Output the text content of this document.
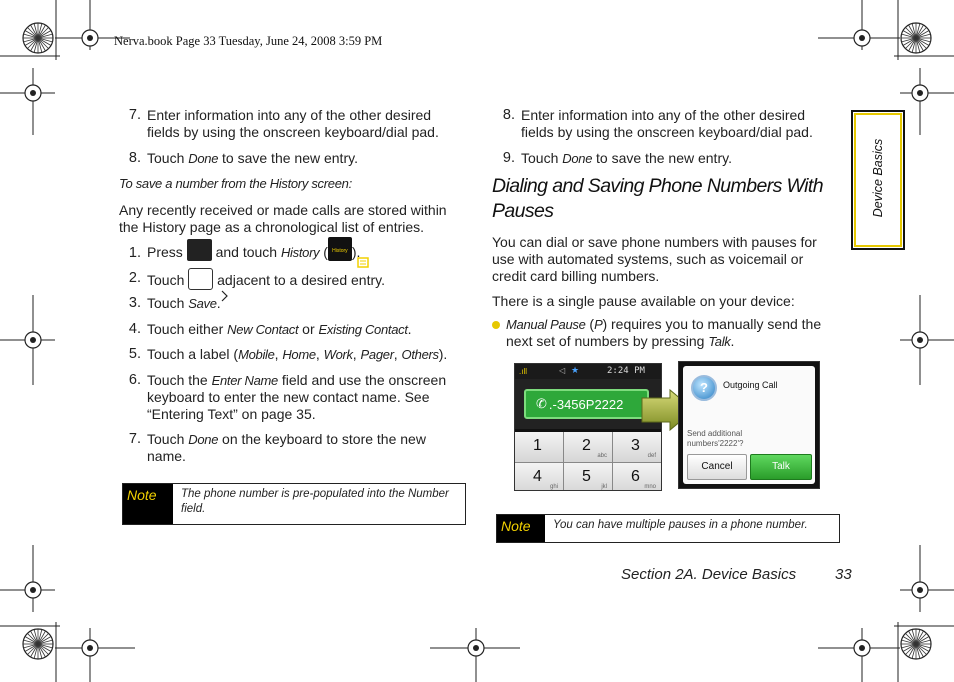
Nerva.book Page 33 Tuesday, June 24, 2008 3:59 PM
7. Enter information into any of the other desired fields by using the onscreen keyboard/dial pad.
8. Touch Done to save the new entry.
To save a number from the History screen:
Any recently received or made calls are stored within the History page as a chronological list of entries.
1. Press

and touch History (

History

).
2. Touch

adjacent to a desired entry.
3. Touch Save.
4. Touch either New Contact or Existing Contact.
5. Touch a label (Mobile, Home, Work, Pager, Others).
6. Touch the Enter Name field and use the onscreen keyboard to enter the new contact name. See “Entering Text” on page 35.
7. Touch Done on the keyboard to store the new name.
Note	The phone number is pre-populated into the Number field.
8. Enter information into any of the other desired fields by using the onscreen keyboard/dial pad.
9. Touch Done to save the new entry.
Dialing and Saving Phone Numbers With Pauses
You can dial or save phone numbers with pauses for use with automated systems, such as voicemail or credit card billing numbers.
There is a single pause available on your device:
Manual Pause (P) requires you to manually send the next set of numbers by pressing Talk.
.ıll	◁ ★	2:24 PM
✆ .-3456P2222
1	2
abc
3
def
4
ghi
5
jkl
6
mno
?	Outgoing Call
Send additional
numbers'2222'?
Cancel	Talk
Note	You can have multiple pauses in a phone number.
Device Basics
Section 2A. Device Basics	33
